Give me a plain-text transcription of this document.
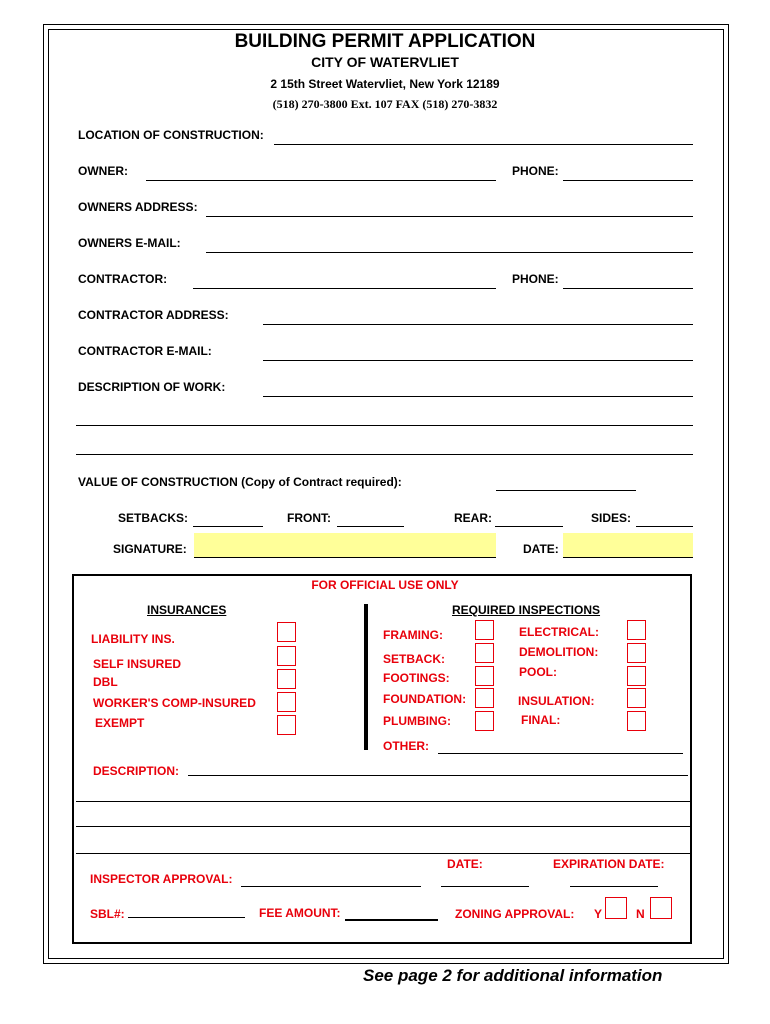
BUILDING PERMIT APPLICATION
CITY OF WATERVLIET
2 15th Street Watervliet, New York 12189
(518) 270-3800 Ext. 107 FAX (518) 270-3832
LOCATION OF CONSTRUCTION:
OWNER:	PHONE:
OWNERS ADDRESS:
OWNERS E-MAIL:
CONTRACTOR:	PHONE:
CONTRACTOR ADDRESS:
CONTRACTOR E-MAIL:
DESCRIPTION OF WORK:
VALUE OF CONSTRUCTION (Copy of Contract required):
SETBACKS:	FRONT:	REAR:	SIDES:
SIGNATURE:	DATE:
FOR OFFICIAL USE ONLY
INSURANCES	REQUIRED INSPECTIONS
LIABILITY INS.
SELF INSURED
DBL
WORKER'S COMP-INSURED
EXEMPT
FRAMING:
SETBACK:
FOOTINGS:
FOUNDATION:
PLUMBING:
OTHER:
ELECTRICAL:
DEMOLITION:
POOL:
INSULATION:
FINAL:
DESCRIPTION:
DATE:	EXPIRATION DATE:
INSPECTOR APPROVAL:
SBL#:	FEE AMOUNT:	ZONING APPROVAL: Y	N
See page 2 for additional information
